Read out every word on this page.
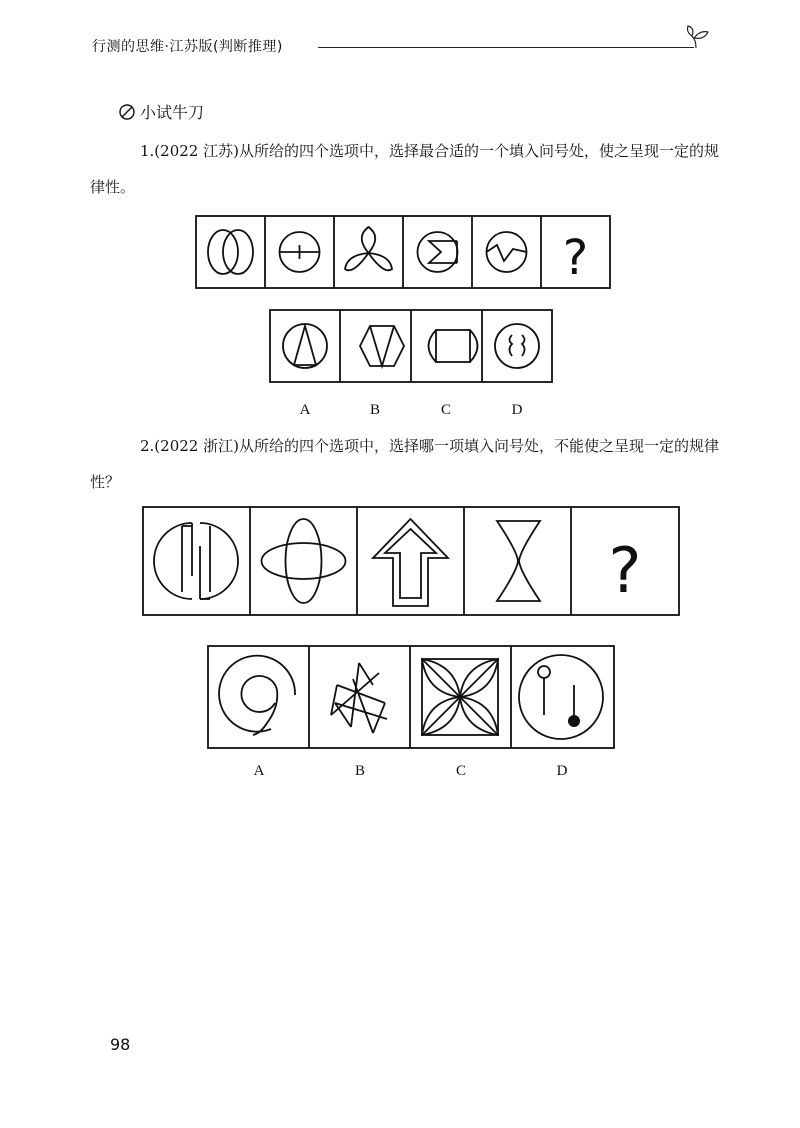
行测的思维·江苏版(判断推理)
小试牛刀
1.(2022 江苏)从所给的四个选项中，选择最合适的一个填入问号处，使之呈现一定的规律性。
?
A	B	C	D
2.(2022 浙江)从所给的四个选项中，选择哪一项填入问号处，不能使之呈现一定的规律性？
?
A	B	C	D
98
